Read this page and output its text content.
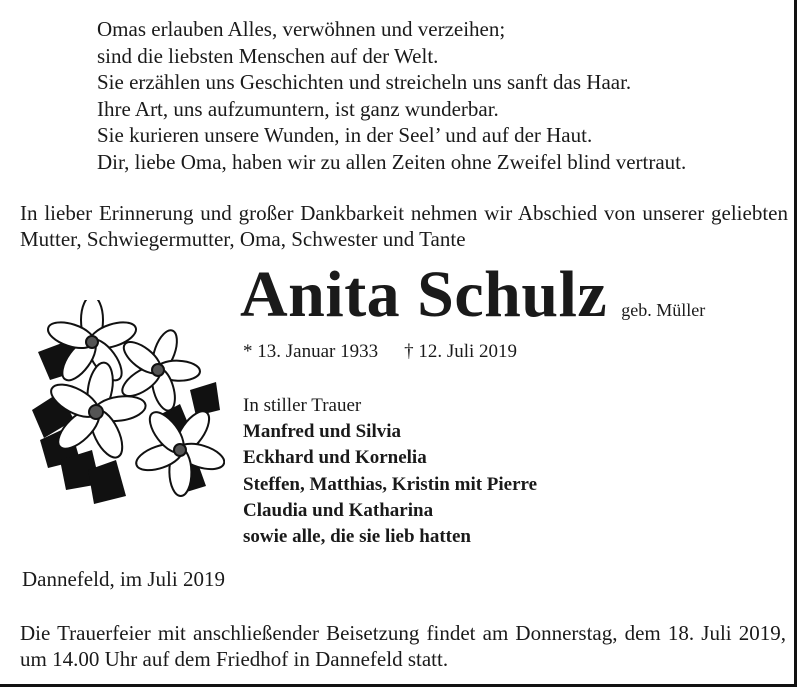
Omas erlauben Alles, verwöhnen und verzeihen;
sind die liebsten Menschen auf der Welt.
Sie erzählen uns Geschichten und streicheln uns sanft das Haar.
Ihre Art, uns aufzumuntern, ist ganz wunderbar.
Sie kurieren unsere Wunden, in der Seel’ und auf der Haut.
Dir, liebe Oma, haben wir zu allen Zeiten ohne Zweifel blind vertraut.
In lieber Erinnerung und großer Dankbarkeit nehmen wir Abschied von unserer geliebten Mutter, Schwiegermutter, Oma, Schwester und Tante
Anita Schulz geb. Müller
* 13. Januar 1933 † 12. Juli 2019
In stiller Trauer
Manfred und Silvia
Eckhard und Kornelia
Steffen, Matthias, Kristin mit Pierre
Claudia und Katharina
sowie alle, die sie lieb hatten
Dannefeld, im Juli 2019
Die Trauerfeier mit anschließender Beisetzung findet am Donnerstag, dem 18. Juli 2019, um 14.00 Uhr auf dem Friedhof in Dannefeld statt.
